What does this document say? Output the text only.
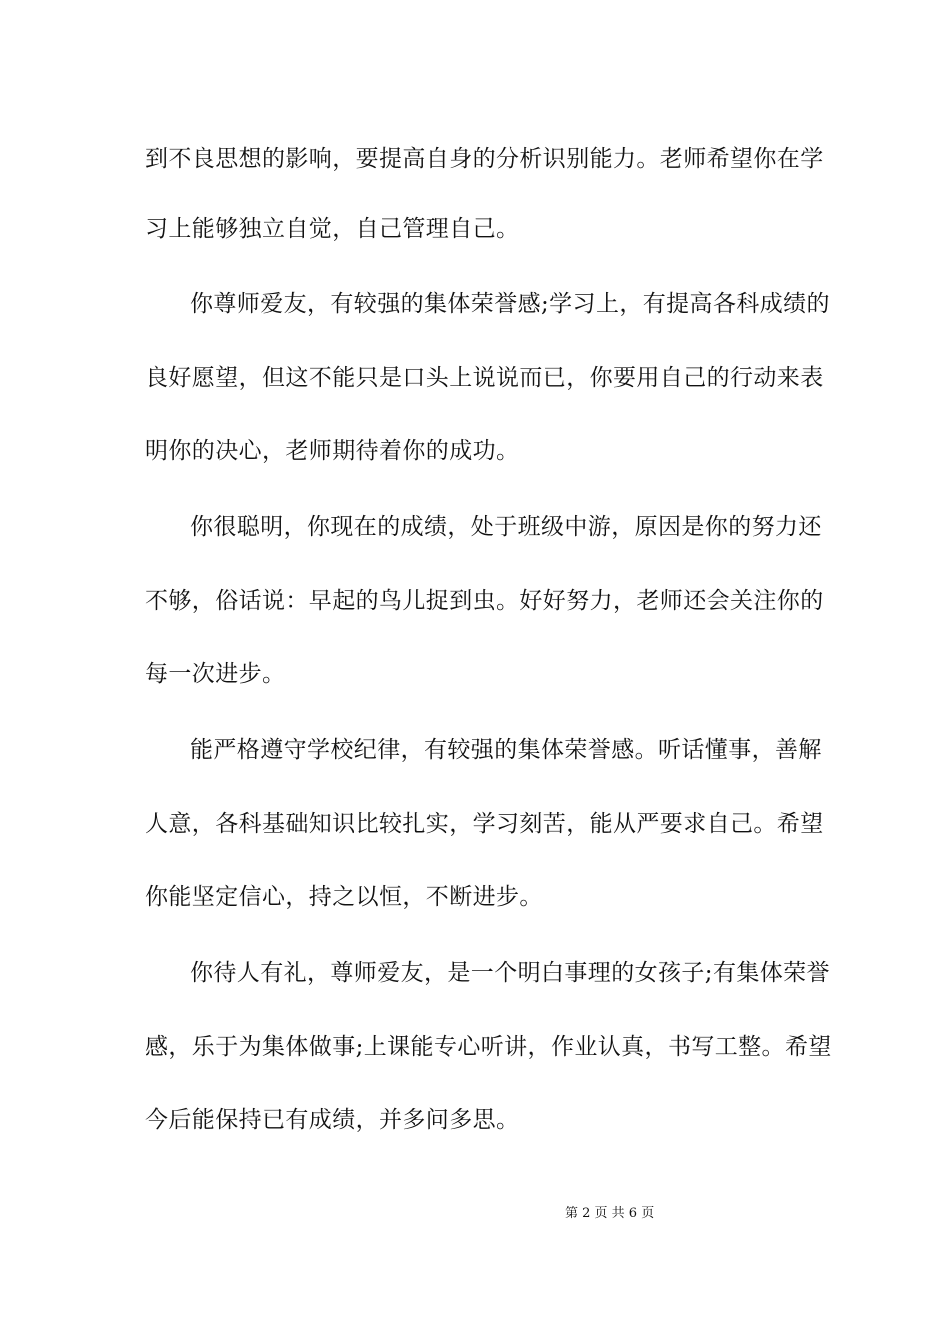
到不良思想的影响，要提高自身的分析识别能力。老师希望你在学
习上能够独立自觉，自己管理自己。
你尊师爱友，有较强的集体荣誉感;学习上，有提高各科成绩的
良好愿望，但这不能只是口头上说说而已，你要用自己的行动来表
明你的决心，老师期待着你的成功。
你很聪明，你现在的成绩，处于班级中游，原因是你的努力还
不够，俗话说：早起的鸟儿捉到虫。好好努力，老师还会关注你的
每一次进步。
能严格遵守学校纪律，有较强的集体荣誉感。听话懂事，善解
人意，各科基础知识比较扎实，学习刻苦，能从严要求自己。希望
你能坚定信心，持之以恒，不断进步。
你待人有礼，尊师爱友，是一个明白事理的女孩子;有集体荣誉
感，乐于为集体做事;上课能专心听讲，作业认真，书写工整。希望
今后能保持已有成绩，并多问多思。
第 2 页 共 6 页
